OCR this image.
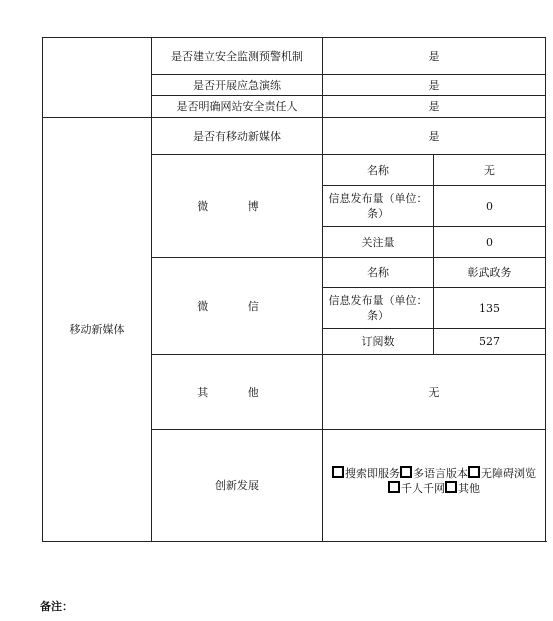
	是否建立安全监测预警机制	是	
	是否开展应急演练	是	
	是否明确网站安全责任人	是	
移动新媒体	是否有移动新媒体	是	
	微 博	名称	无
		信息发布量（单位：条）	0
		关注量	0
	微 信	名称	彰武政务
		信息发布量（单位：条）	135
		订阅数	527
	其 他	无	
	创新发展	搜索即服务 多语言版本 无障碍浏览千人千网 其他	
备注：
